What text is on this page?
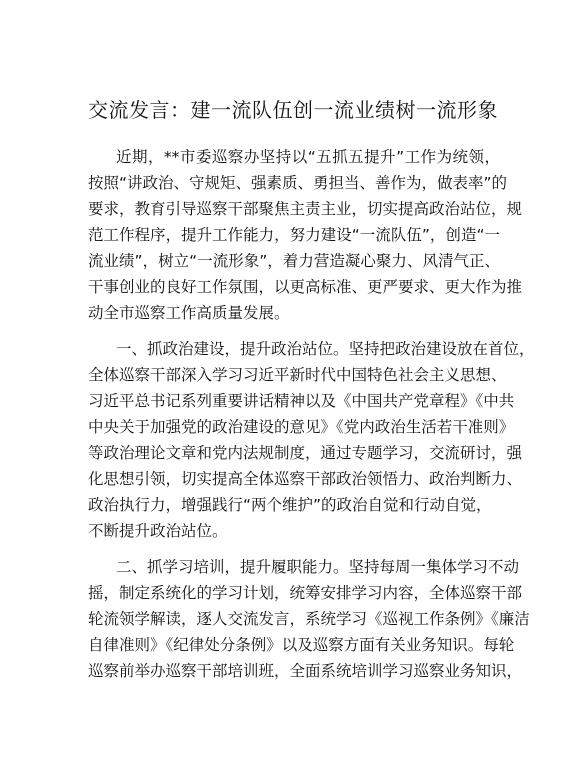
交流发言：建一流队伍创一流业绩树一流形象
近期，**市委巡察办坚持以“五抓五提升”工作为统领，
按照“讲政治、守规矩、强素质、勇担当、善作为，做表率”的
要求，教育引导巡察干部聚焦主责主业，切实提高政治站位，规
范工作程序，提升工作能力，努力建设“一流队伍”，创造“一
流业绩”，树立“一流形象”，着力营造凝心聚力、风清气正、
干事创业的良好工作氛围，以更高标准、更严要求、更大作为推
动全市巡察工作高质量发展。
一、抓政治建设，提升政治站位。坚持把政治建设放在首位，
全体巡察干部深入学习习近平新时代中国特色社会主义思想、
习近平总书记系列重要讲话精神以及《中国共产党章程》《中共
中央关于加强党的政治建设的意见》《党内政治生活若干准则》
等政治理论文章和党内法规制度，通过专题学习，交流研讨，强
化思想引领，切实提高全体巡察干部政治领悟力、政治判断力、
政治执行力，增强践行“两个维护”的政治自觉和行动自觉，
不断提升政治站位。
二、抓学习培训，提升履职能力。坚持每周一集体学习不动
摇，制定系统化的学习计划，统筹安排学习内容，全体巡察干部
轮流领学解读，逐人交流发言，系统学习《巡视工作条例》《廉洁
自律准则》《纪律处分条例》以及巡察方面有关业务知识。每轮
巡察前举办巡察干部培训班，全面系统培训学习巡察业务知识，
